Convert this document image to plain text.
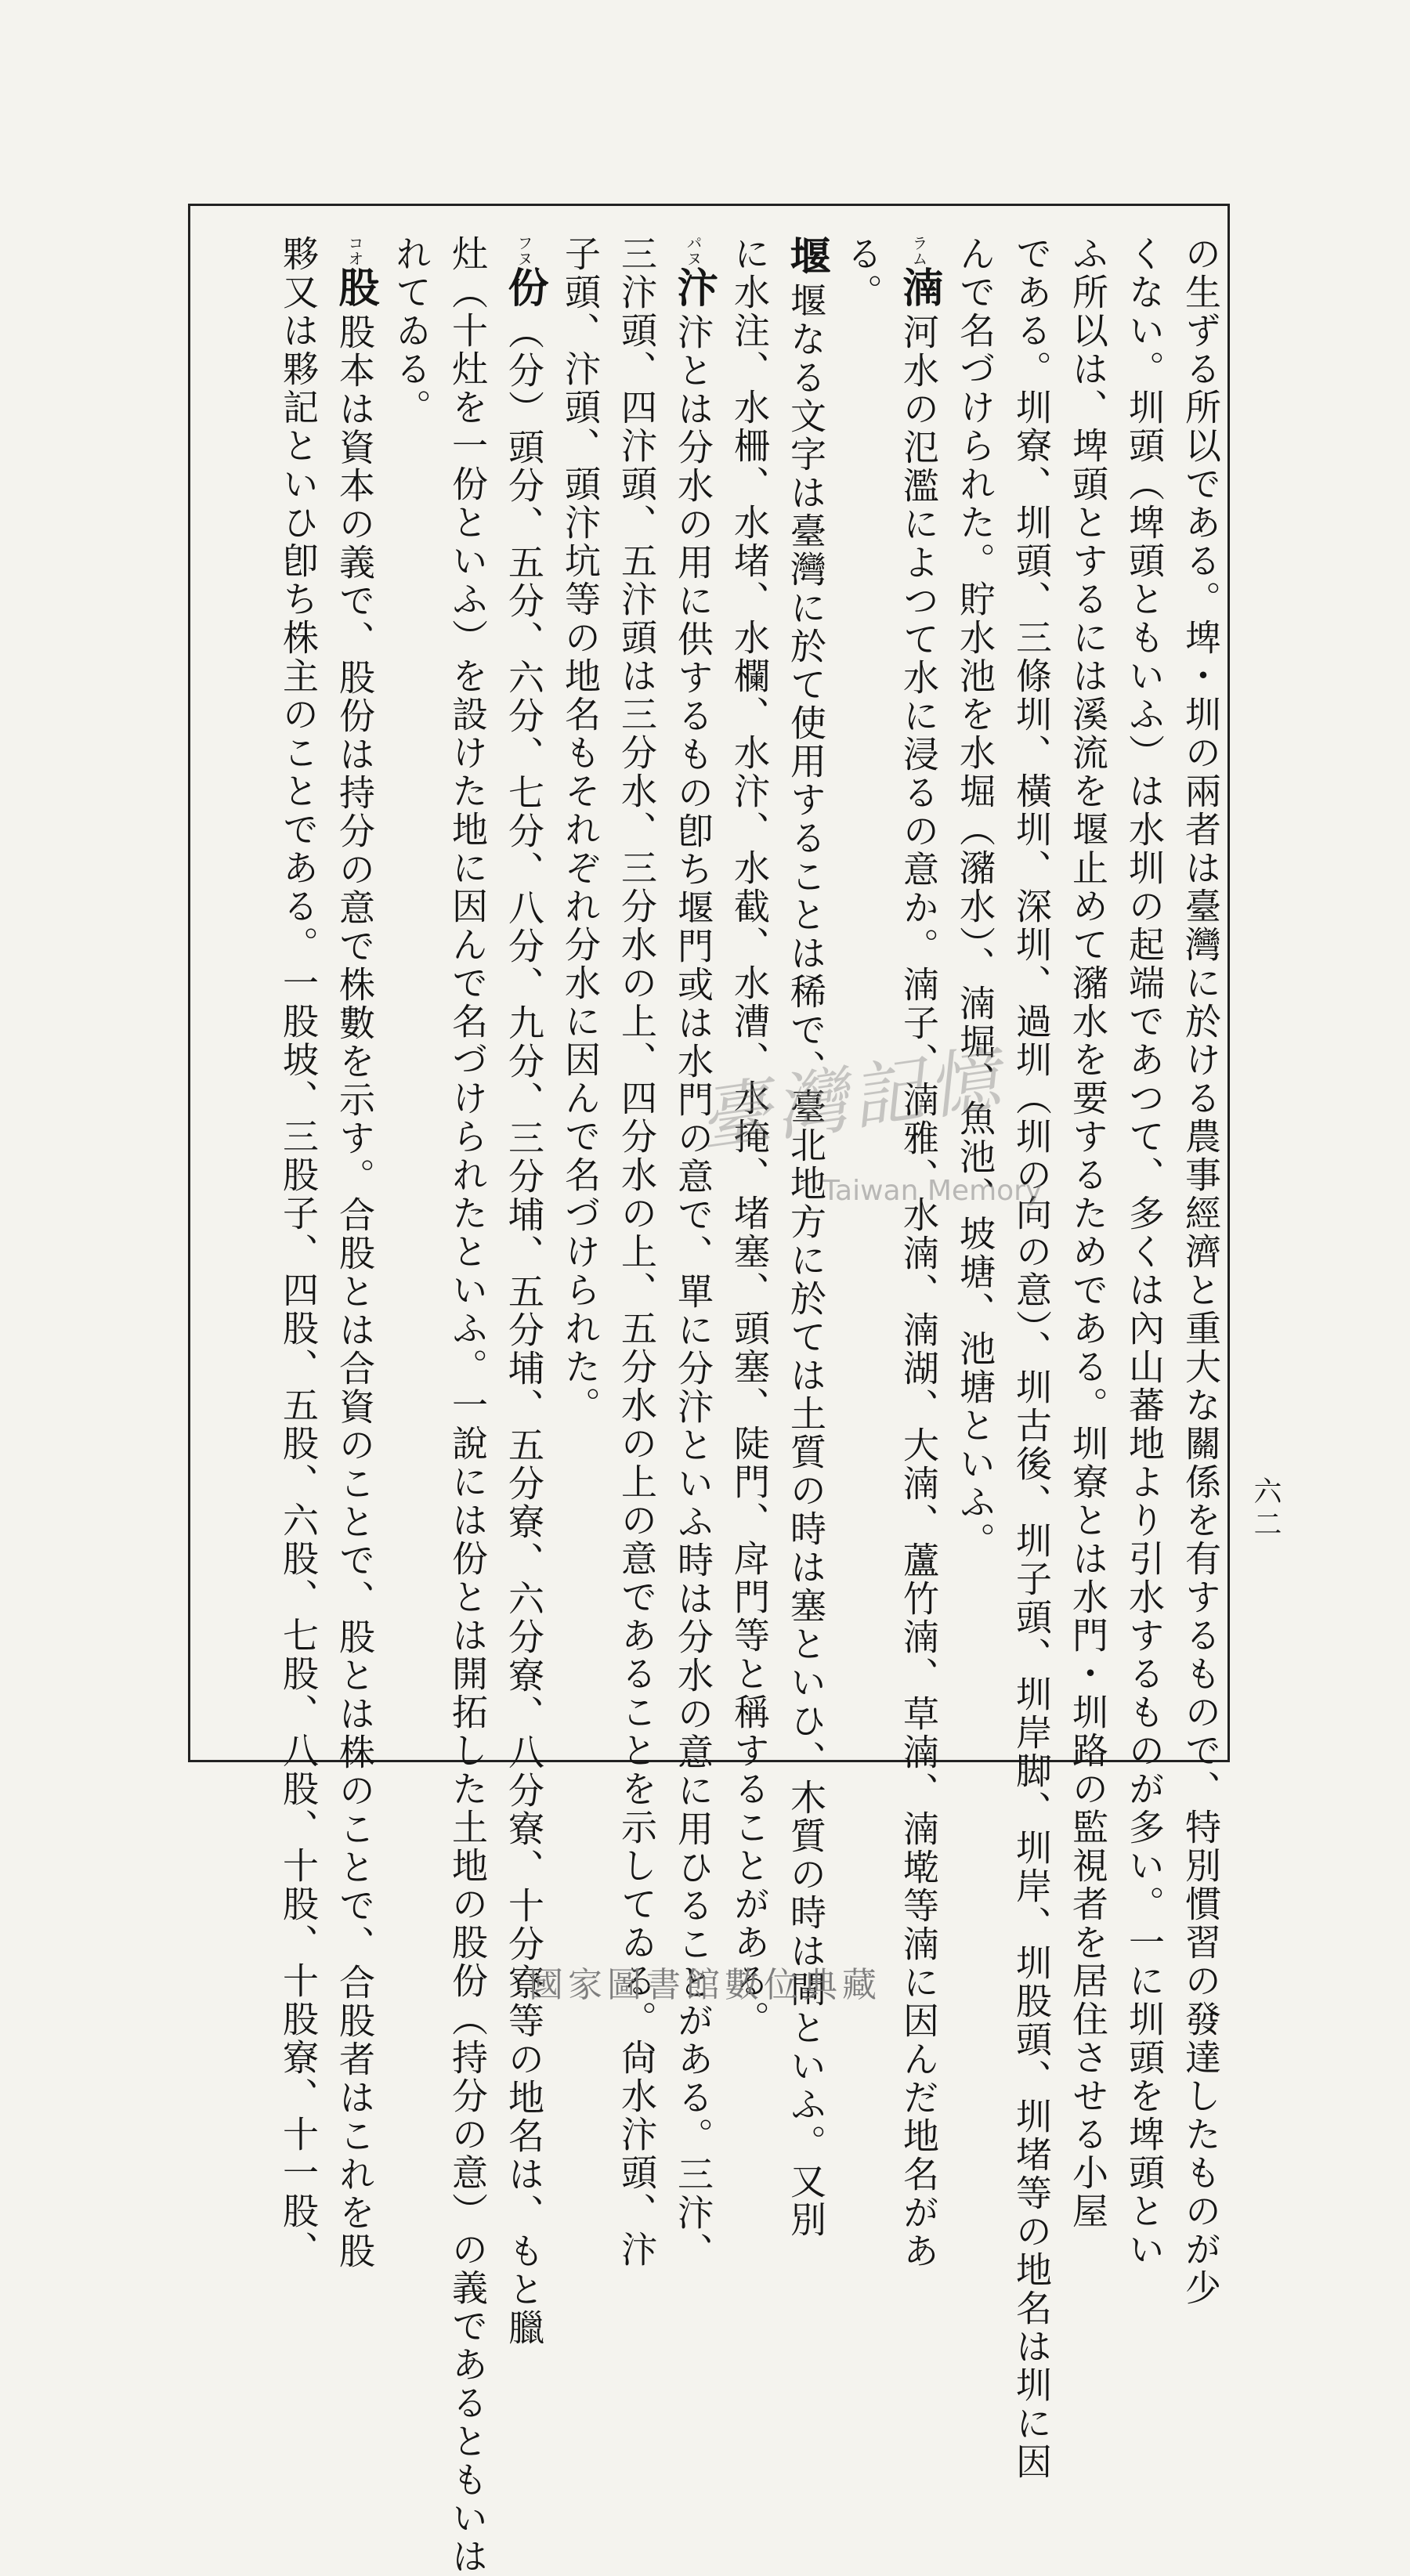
の生ずる所以である。埤・圳の兩者は臺灣に於ける農事經濟と重大な關係を有するもので、特別慣習の發達したものが少
くない。圳頭（埤頭ともいふ）は水圳の起端であつて、多くは內山蕃地より引水するものが多い。一に圳頭を埤頭とい
ふ所以は、埤頭とするには溪流を堰止めて瀦水を要するためである。圳寮とは水門・圳路の監視者を居住させる小屋
である。圳寮、圳頭、三條圳、橫圳、深圳、過圳（圳の向の意）、圳古後、圳子頭、圳岸脚、圳岸、圳股頭、圳堵等の地名は圳に因
んで名づけられた。貯水池を水堀（瀦水）、湳堀、魚池、坡塘、池塘といふ。
$^{ラム}$湳河水の氾濫によつて水に浸るの意か。湳子、湳雅、水湳、湳湖、大湳、蘆竹湳、草湳、湳墘等湳に因んだ地名があ
る。
堰堰なる文字は臺灣に於て使用することは稀で、臺北地方に於ては土質の時は塞といひ、木質の時は閘といふ。又別
に水注、水柵、水堵、水欄、水汴、水截、水漕、水掩、堵塞、頭塞、陡門、戽門等と稱することがある。
$^{パヌ}$汴汴とは分水の用に供するもの卽ち堰門或は水門の意で、單に分汴といふ時は分水の意に用ひることがある。三汴、
三汴頭、四汴頭、五汴頭は三分水、三分水の上、四分水の上、五分水の上の意であることを示してゐる。尙水汴頭、汴
子頭、汴頭、頭汴坑等の地名もそれぞれ分水に因んで名づけられた。
$^{フヌ}$份（分）頭分、五分、六分、七分、八分、九分、三分埔、五分埔、五分寮、六分寮、八分寮、十分寮等の地名は、もと臘
灶（十灶を一份といふ）を設けた地に因んで名づけられたといふ。一說には份とは開拓した土地の股份（持分の意）の義であるともいは
れてゐる。
$^{コオ}$股股本は資本の義で、股份は持分の意で株數を示す。合股とは合資のことで、股とは株のことで、合股者はこれを股
夥又は夥記といひ卽ち株主のことである。一股坡、三股子、四股、五股、六股、七股、八股、十股、十股寮、十一股、	六二
臺灣記憶
Taiwan Memory
國家圖書館數位典藏
